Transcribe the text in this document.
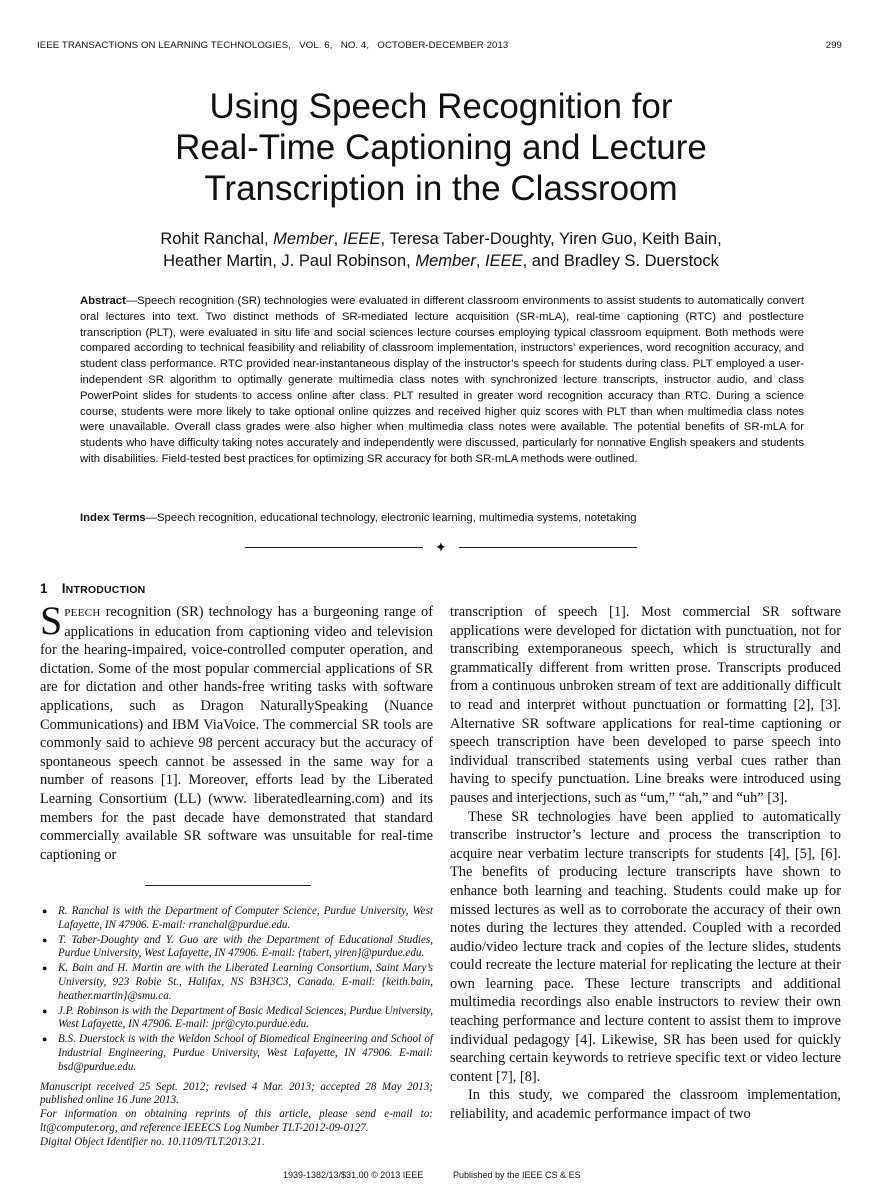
IEEE TRANSACTIONS ON LEARNING TECHNOLOGIES,   VOL. 6,   NO. 4,   OCTOBER-DECEMBER 2013	299
Using Speech Recognition for
Real-Time Captioning and Lecture
Transcription in the Classroom
Rohit Ranchal, Member, IEEE, Teresa Taber-Doughty, Yiren Guo, Keith Bain,
Heather Martin, J. Paul Robinson, Member, IEEE, and Bradley S. Duerstock
Abstract—Speech recognition (SR) technologies were evaluated in different classroom environments to assist students to automatically convert oral lectures into text. Two distinct methods of SR-mediated lecture acquisition (SR-mLA), real-time captioning (RTC) and postlecture transcription (PLT), were evaluated in situ life and social sciences lecture courses employing typical classroom equipment. Both methods were compared according to technical feasibility and reliability of classroom implementation, instructors’ experiences, word recognition accuracy, and student class performance. RTC provided near-instantaneous display of the instructor’s speech for students during class. PLT employed a user-independent SR algorithm to optimally generate multimedia class notes with synchronized lecture transcripts, instructor audio, and class PowerPoint slides for students to access online after class. PLT resulted in greater word recognition accuracy than RTC. During a science course, students were more likely to take optional online quizzes and received higher quiz scores with PLT than when multimedia class notes were unavailable. Overall class grades were also higher when multimedia class notes were available. The potential benefits of SR-mLA for students who have difficulty taking notes accurately and independently were discussed, particularly for nonnative English speakers and students with disabilities. Field-tested best practices for optimizing SR accuracy for both SR-mLA methods were outlined.
Index Terms—Speech recognition, educational technology, electronic learning, multimedia systems, notetaking
✦
1 INTRODUCTION

SPEECH recognition (SR) technology has a burgeoning range of applications in education from captioning video and television for the hearing-impaired, voice-controlled computer operation, and dictation. Some of the most popular commercial applications of SR are for dictation and other hands-free writing tasks with software applications, such as Dragon NaturallySpeaking (Nuance Communications) and IBM ViaVoice. The commercial SR tools are commonly said to achieve 98 percent accuracy but the accuracy of spontaneous speech cannot be assessed in the same way for a number of reasons [1]. Moreover, efforts lead by the Liberated Learning Consortium (LL) (www. liberatedlearning.com) and its members for the past decade have demonstrated that standard commercially available SR software was unsuitable for real-time captioning or

● R. Ranchal is with the Department of Computer Science, Purdue University, West Lafayette, IN 47906. E-mail: rranchal@purdue.edu.
● T. Taber-Doughty and Y. Guo are with the Department of Educational Studies, Purdue University, West Lafayette, IN 47906. E-mail: {tabert, yiren}@purdue.edu.
● K. Bain and H. Martin are with the Liberated Learning Consortium, Saint Mary’s University, 923 Robie St., Halifax, NS B3H3C3, Canada. E-mail: {keith.bain, heather.martin}@smu.ca.
● J.P. Robinson is with the Department of Basic Medical Sciences, Purdue University, West Lafayette, IN 47906. E-mail: jpr@cyto.purdue.edu.
● B.S. Duerstock is with the Weldon School of Biomedical Engineering and School of Industrial Engineering, Purdue University, West Lafayette, IN 47906. E-mail: bsd@purdue.edu.
Manuscript received 25 Sept. 2012; revised 4 Mar. 2013; accepted 28 May 2013; published online 16 June 2013.
For information on obtaining reprints of this article, please send e-mail to: lt@computer.org, and reference IEEECS Log Number TLT-2012-09-0127.
Digital Object Identifier no. 10.1109/TLT.2013.21.

transcription of speech [1]. Most commercial SR software applications were developed for dictation with punctuation, not for transcribing extemporaneous speech, which is structurally and grammatically different from written prose. Transcripts produced from a continuous unbroken stream of text are additionally difficult to read and interpret without punctuation or formatting [2], [3]. Alternative SR software applications for real-time captioning or speech transcription have been developed to parse speech into individual transcribed statements using verbal cues rather than having to specify punctuation. Line breaks were introduced using pauses and interjections, such as “um,” “ah,” and “uh” [3].

These SR technologies have been applied to automatically transcribe instructor’s lecture and process the transcription to acquire near verbatim lecture transcripts for students [4], [5], [6]. The benefits of producing lecture transcripts have shown to enhance both learning and teaching. Students could make up for missed lectures as well as to corroborate the accuracy of their own notes during the lectures they attended. Coupled with a recorded audio/video lecture track and copies of the lecture slides, students could recreate the lecture material for replicating the lecture at their own learning pace. These lecture transcripts and additional multimedia recordings also enable instructors to review their own teaching performance and lecture content to assist them to improve individual pedagogy [4]. Likewise, SR has been used for quickly searching certain keywords to retrieve specific text or video lecture content [7], [8].

In this study, we compared the classroom implementation, reliability, and academic performance impact of two

1939-1382/13/$31.00 © 2013 IEEE	Published by the IEEE CS & ES
